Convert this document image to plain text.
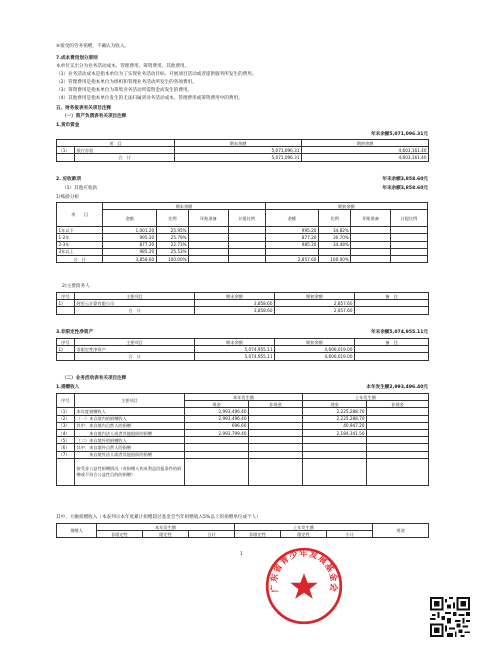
⑥接受的劳务捐赠，不确认为收入。
7.成本费用划分原则
本单位支出分为业务活动成本、管理费用、筹资费用、其他费用。
（1）业务活动成本是指本单位为了实现业务活动目标、开展项目活动或者提供服务所发生的费用。
（2）管理费用是指本单位为组织和管理业务活动所发生的各项费用。
（3）筹资费用是指本单位为筹集业务活动所需资金而发生的费用。
（4）其他费用是指本单位发生的无法归属到业务活动成本、管理费用或筹资费用中的费用。
五、财务报表有关项目注释
（一）资产负债表有关项目注释
1.货币资金
年末余额5,071,096.31元
项　目		期末余额	期初余额
（1）	银行存款	5,071,096.31	4,603,161.40
	合　计	5,071,096.31	4,603,161.40
2. 应收款项	年末余额3,858.60元
（1）其他应收款	年末余额3,858.60元
1)账龄分析
项　　目	期末余额				期初余额			
	金额	比例	坏账准备	计提比例	金额	比例	坏账准备	计提比例
1年以下	1,001.20	25.95%			995.20	34.82%		
1-2年	995.20	25.79%			877.20	30.70%		
2-3年	877.20	22.73%			985.20	34.48%		
3年以上	985.20	25.53%						
合　计	3,858.60	100.00%			2,857.60	100.00%		
2)主要债务人
序号	主要项目	期末余额	期初余额	备　注
1)	阿里云计算有限公司	3,858.60	2,857.60	
	合　计	3,858.60	2,857.60	
3.非限定性净资产	年末余额5,074,955.11元
序号	主要项目	期末余额	期初余额	备　注
1)	非限定性净资产	5,074,955.11	4,606,019.00	
	合　计	5,074,955.11	4,606,019.00	
（二）业务活动表有关项目注释
1.捐赠收入	本年发生额2,993,496.40元
序号	主要项目	本年发生额		上年发生额	
		现金	非现金	现金	非现金
（1）	本年度捐赠收入	2,993,496.40		2,225,288.70	
（2）	（一）来自境内的捐赠收入	2,993,496.40		2,225,288.70	
（3）	其中：来自境内自然人的捐赠	696.60		40,947.20	
（4）	　　　来自境内法人或者其他组织的捐赠	2,992,799.40		2,184,341.50	
（5）	（二）来自境外的捐赠收入				
（6）	其中：来自境外自然人的捐赠				
（7）	　　　来自境外法人或者其他组织的捐赠				
	接受非公益性捐赠情况（对捐赠人构成利益回报条件的捐赠或不符合公益性目的的捐赠）				
其中，大额捐赠收入（本表列示本年度累计捐赠超过基金会当年捐赠收入5%以上的捐赠单位或个人）
捐赠人	本年发生额			上年发生额			用途
	非限定性	限定性	合计	非限定性	限定性	小计	
1
广东省青少年发展基金会
